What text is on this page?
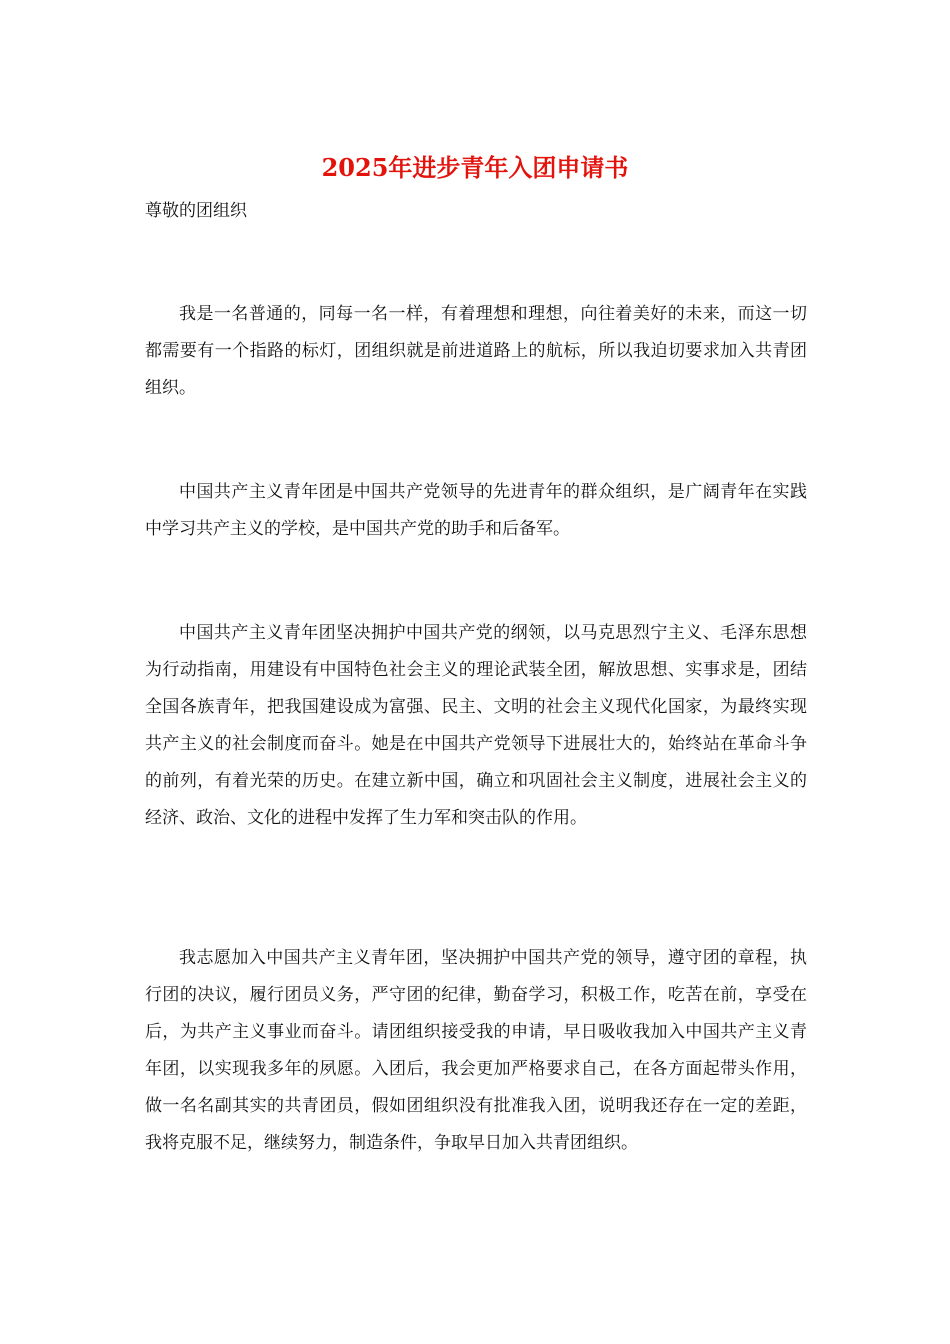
2025年进步青年入团申请书
尊敬的团组织

我是一名普通的，同每一名一样，有着理想和理想，向往着美好的未来，而这一切都需要有一个指路的标灯，团组织就是前进道路上的航标，所以我迫切要求加入共青团组织。

中国共产主义青年团是中国共产党领导的先进青年的群众组织，是广阔青年在实践中学习共产主义的学校，是中国共产党的助手和后备军。

中国共产主义青年团坚决拥护中国共产党的纲领，以马克思烈宁主义、毛泽东思想为行动指南，用建设有中国特色社会主义的理论武装全团，解放思想、实事求是，团结全国各族青年，把我国建设成为富强、民主、文明的社会主义现代化国家，为最终实现共产主义的社会制度而奋斗。她是在中国共产党领导下进展壮大的，始终站在革命斗争的前列，有着光荣的历史。在建立新中国，确立和巩固社会主义制度，进展社会主义的经济、政治、文化的进程中发挥了生力军和突击队的作用。

我志愿加入中国共产主义青年团，坚决拥护中国共产党的领导，遵守团的章程，执行团的决议，履行团员义务，严守团的纪律，勤奋学习，积极工作，吃苦在前，享受在后，为共产主义事业而奋斗。请团组织接受我的申请，早日吸收我加入中国共产主义青年团，以实现我多年的夙愿。入团后，我会更加严格要求自己，在各方面起带头作用，做一名名副其实的共青团员，假如团组织没有批准我入团，说明我还存在一定的差距，我将克服不足，继续努力，制造条件，争取早日加入共青团组织。
